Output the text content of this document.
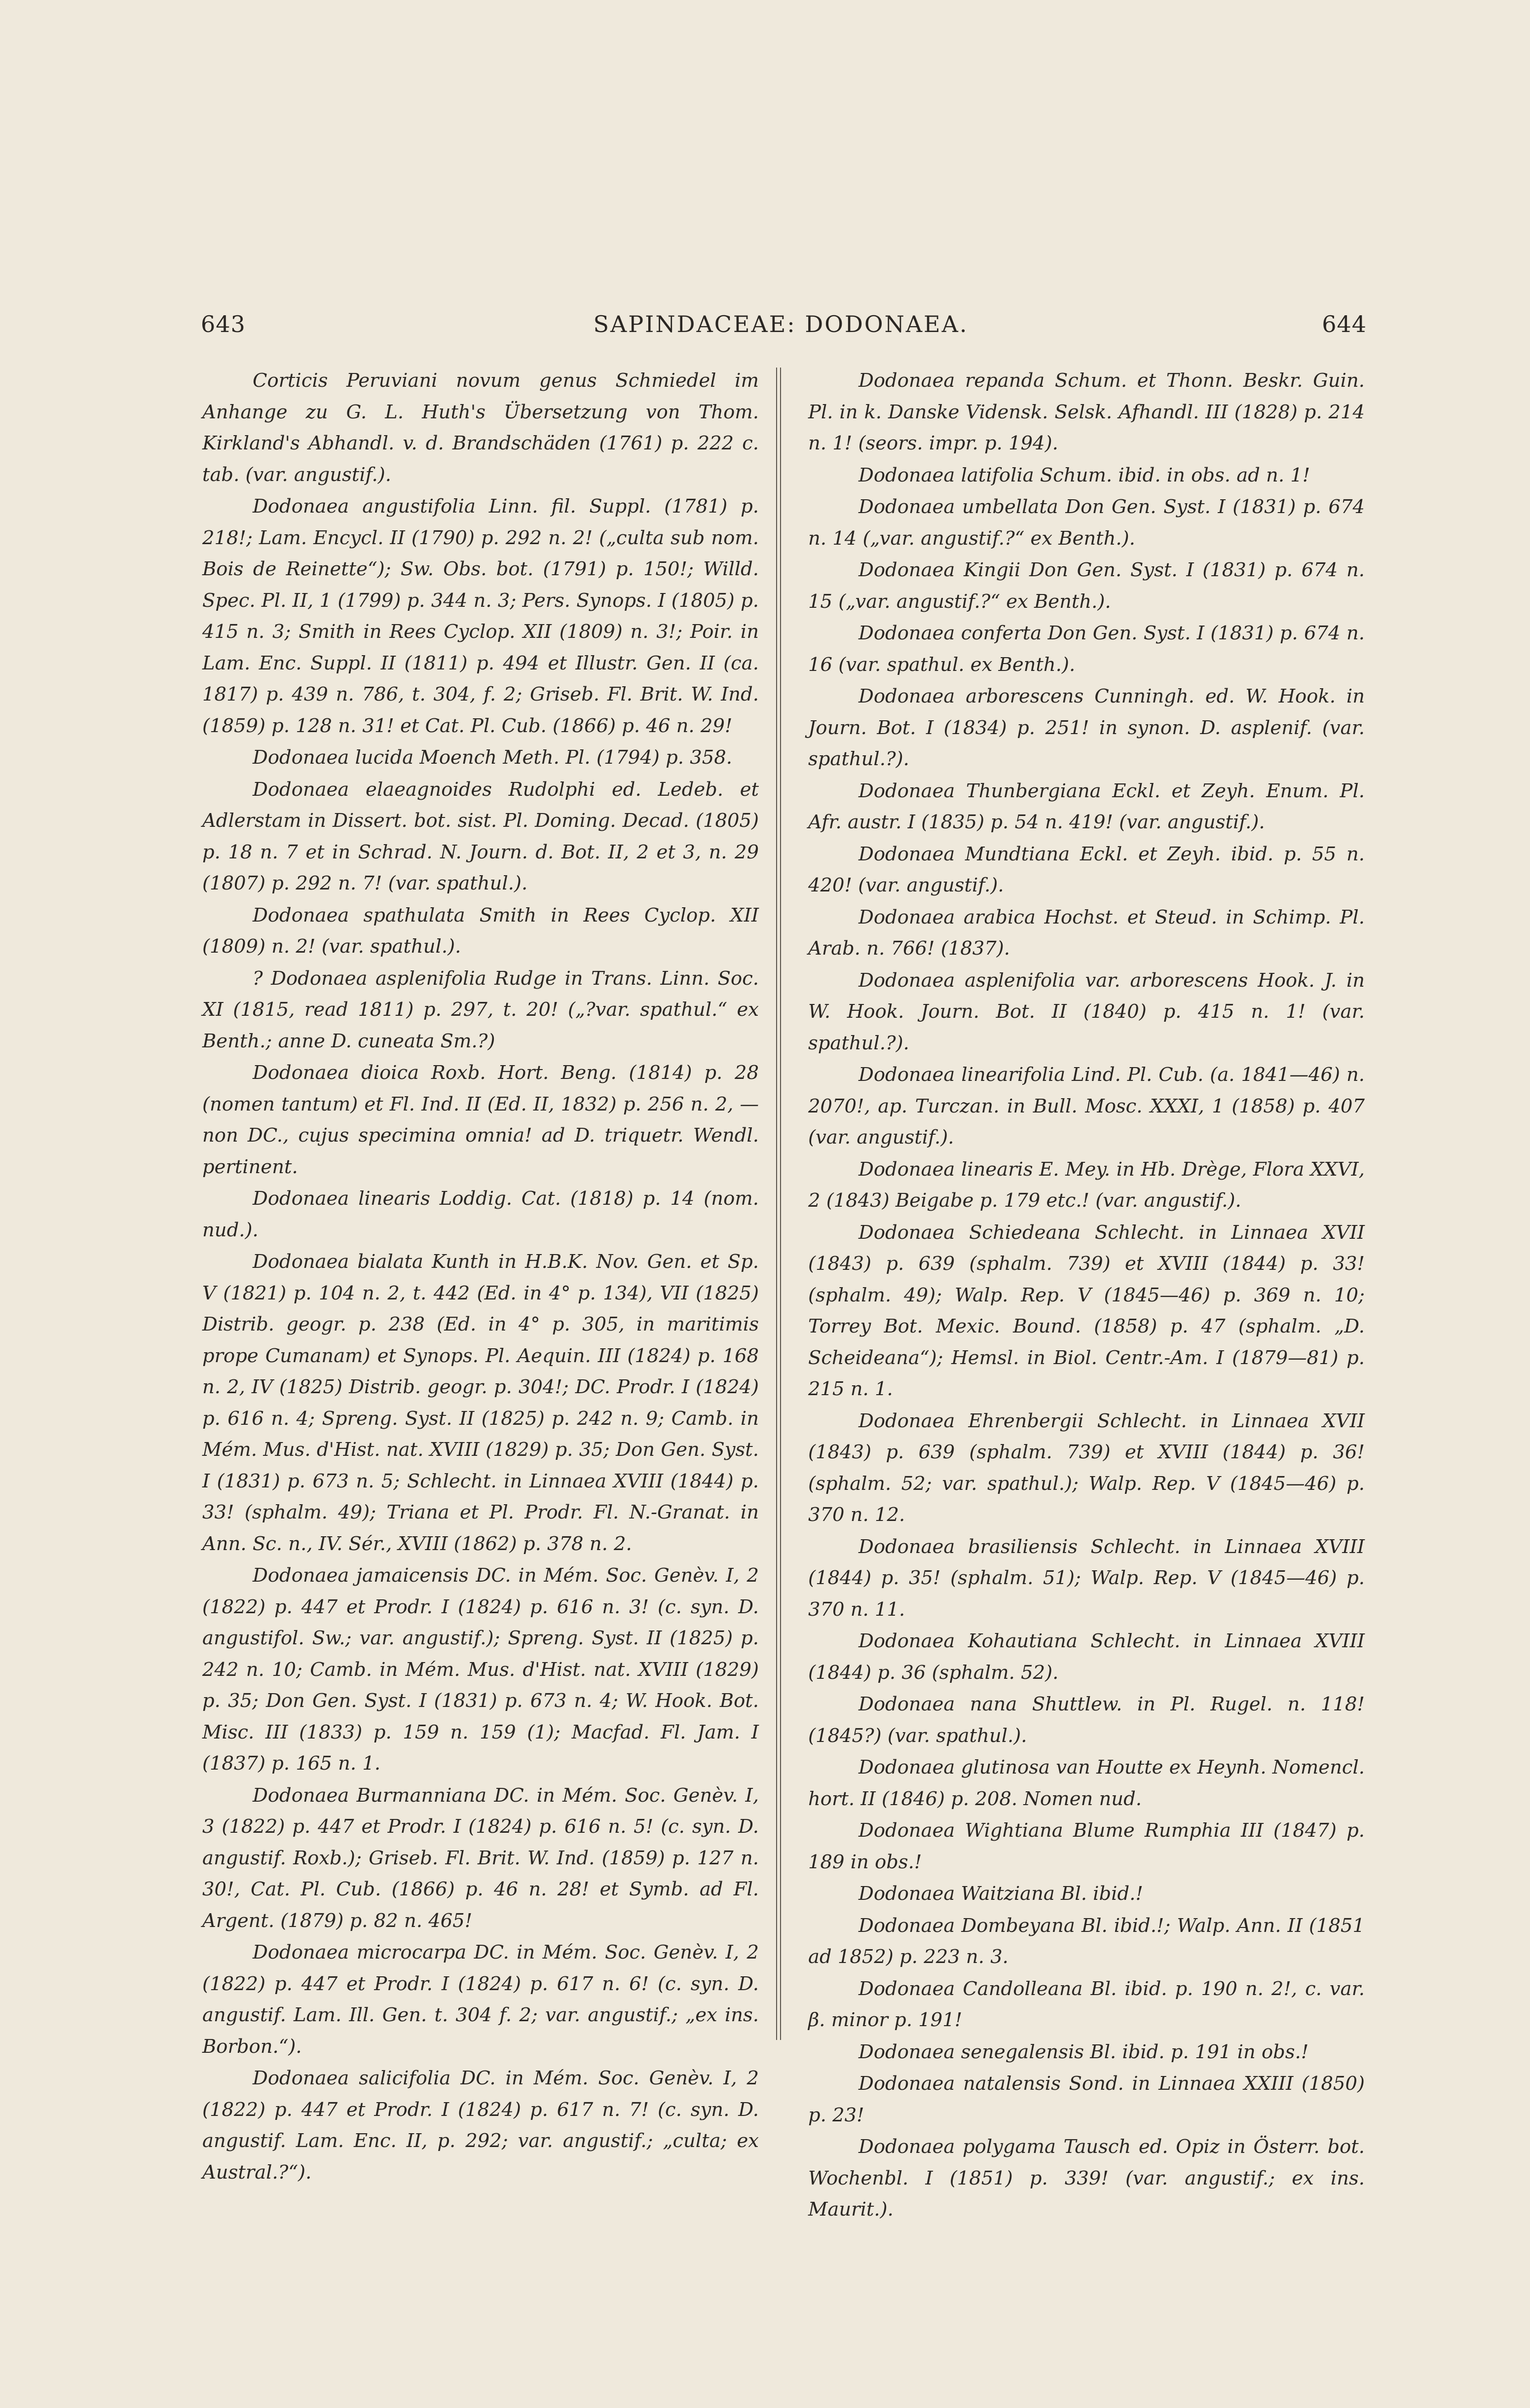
643	SAPINDACEAE: DODONAEA.	644

Corticis Peruviani novum genus Schmiedel im Anhange zu G. L. Huth's Übersetzung von Thom. Kirkland's Abhandl. v. d. Brandschäden (1761) p. 222 c. tab. (var. angustif.).

Dodonaea angustifolia Linn. fil. Suppl. (1781) p. 218!; Lam. Encycl. II (1790) p. 292 n. 2! („culta sub nom. Bois de Reinette“); Sw. Obs. bot. (1791) p. 150!; Willd. Spec. Pl. II, 1 (1799) p. 344 n. 3; Pers. Synops. I (1805) p. 415 n. 3; Smith in Rees Cyclop. XII (1809) n. 3!; Poir. in Lam. Enc. Suppl. II (1811) p. 494 et Illustr. Gen. II (ca. 1817) p. 439 n. 786, t. 304, f. 2; Griseb. Fl. Brit. W. Ind. (1859) p. 128 n. 31! et Cat. Pl. Cub. (1866) p. 46 n. 29!

Dodonaea lucida Moench Meth. Pl. (1794) p. 358.

Dodonaea elaeagnoides Rudolphi ed. Ledeb. et Adlerstam in Dissert. bot. sist. Pl. Doming. Decad. (1805) p. 18 n. 7 et in Schrad. N. Journ. d. Bot. II, 2 et 3, n. 29 (1807) p. 292 n. 7! (var. spathul.).

Dodonaea spathulata Smith in Rees Cyclop. XII (1809) n. 2! (var. spathul.).

? Dodonaea asplenifolia Rudge in Trans. Linn. Soc. XI (1815, read 1811) p. 297, t. 20! („?var. spathul.“ ex Benth.; anne D. cuneata Sm.?)

Dodonaea dioica Roxb. Hort. Beng. (1814) p. 28 (nomen tantum) et Fl. Ind. II (Ed. II, 1832) p. 256 n. 2, — non DC., cujus specimina omnia! ad D. triquetr. Wendl. pertinent.

Dodonaea linearis Loddig. Cat. (1818) p. 14 (nom. nud.).

Dodonaea bialata Kunth in H.B.K. Nov. Gen. et Sp. V (1821) p. 104 n. 2, t. 442 (Ed. in 4° p. 134), VII (1825) Distrib. geogr. p. 238 (Ed. in 4° p. 305, in maritimis prope Cumanam) et Synops. Pl. Aequin. III (1824) p. 168 n. 2, IV (1825) Distrib. geogr. p. 304!; DC. Prodr. I (1824) p. 616 n. 4; Spreng. Syst. II (1825) p. 242 n. 9; Camb. in Mém. Mus. d'Hist. nat. XVIII (1829) p. 35; Don Gen. Syst. I (1831) p. 673 n. 5; Schlecht. in Linnaea XVIII (1844) p. 33! (sphalm. 49); Triana et Pl. Prodr. Fl. N.-Granat. in Ann. Sc. n., IV. Sér., XVIII (1862) p. 378 n. 2.

Dodonaea jamaicensis DC. in Mém. Soc. Genèv. I, 2 (1822) p. 447 et Prodr. I (1824) p. 616 n. 3! (c. syn. D. angustifol. Sw.; var. angustif.); Spreng. Syst. II (1825) p. 242 n. 10; Camb. in Mém. Mus. d'Hist. nat. XVIII (1829) p. 35; Don Gen. Syst. I (1831) p. 673 n. 4; W. Hook. Bot. Misc. III (1833) p. 159 n. 159 (1); Macfad. Fl. Jam. I (1837) p. 165 n. 1.

Dodonaea Burmanniana DC. in Mém. Soc. Genèv. I, 3 (1822) p. 447 et Prodr. I (1824) p. 616 n. 5! (c. syn. D. angustif. Roxb.); Griseb. Fl. Brit. W. Ind. (1859) p. 127 n. 30!, Cat. Pl. Cub. (1866) p. 46 n. 28! et Symb. ad Fl. Argent. (1879) p. 82 n. 465!

Dodonaea microcarpa DC. in Mém. Soc. Genèv. I, 2 (1822) p. 447 et Prodr. I (1824) p. 617 n. 6! (c. syn. D. angustif. Lam. Ill. Gen. t. 304 f. 2; var. angustif.; „ex ins. Borbon.“).

Dodonaea salicifolia DC. in Mém. Soc. Genèv. I, 2 (1822) p. 447 et Prodr. I (1824) p. 617 n. 7! (c. syn. D. angustif. Lam. Enc. II, p. 292; var. angustif.; „culta; ex Austral.?“).

Dodonaea repanda Schum. et Thonn. Beskr. Guin. Pl. in k. Danske Vidensk. Selsk. Afhandl. III (1828) p. 214 n. 1! (seors. impr. p. 194).

Dodonaea latifolia Schum. ibid. in obs. ad n. 1!

Dodonaea umbellata Don Gen. Syst. I (1831) p. 674 n. 14 („var. angustif.?“ ex Benth.).

Dodonaea Kingii Don Gen. Syst. I (1831) p. 674 n. 15 („var. angustif.?“ ex Benth.).

Dodonaea conferta Don Gen. Syst. I (1831) p. 674 n. 16 (var. spathul. ex Benth.).

Dodonaea arborescens Cunningh. ed. W. Hook. in Journ. Bot. I (1834) p. 251! in synon. D. asplenif. (var. spathul.?).

Dodonaea Thunbergiana Eckl. et Zeyh. Enum. Pl. Afr. austr. I (1835) p. 54 n. 419! (var. angustif.).

Dodonaea Mundtiana Eckl. et Zeyh. ibid. p. 55 n. 420! (var. angustif.).

Dodonaea arabica Hochst. et Steud. in Schimp. Pl. Arab. n. 766! (1837).

Dodonaea asplenifolia var. arborescens Hook. J. in W. Hook. Journ. Bot. II (1840) p. 415 n. 1! (var. spathul.?).

Dodonaea linearifolia Lind. Pl. Cub. (a. 1841—46) n. 2070!, ap. Turczan. in Bull. Mosc. XXXI, 1 (1858) p. 407 (var. angustif.).

Dodonaea linearis E. Mey. in Hb. Drège, Flora XXVI, 2 (1843) Beigabe p. 179 etc.! (var. angustif.).

Dodonaea Schiedeana Schlecht. in Linnaea XVII (1843) p. 639 (sphalm. 739) et XVIII (1844) p. 33! (sphalm. 49); Walp. Rep. V (1845—46) p. 369 n. 10; Torrey Bot. Mexic. Bound. (1858) p. 47 (sphalm. „D. Scheideana“); Hemsl. in Biol. Centr.-Am. I (1879—81) p. 215 n. 1.

Dodonaea Ehrenbergii Schlecht. in Linnaea XVII (1843) p. 639 (sphalm. 739) et XVIII (1844) p. 36! (sphalm. 52; var. spathul.); Walp. Rep. V (1845—46) p. 370 n. 12.

Dodonaea brasiliensis Schlecht. in Linnaea XVIII (1844) p. 35! (sphalm. 51); Walp. Rep. V (1845—46) p. 370 n. 11.

Dodonaea Kohautiana Schlecht. in Linnaea XVIII (1844) p. 36 (sphalm. 52).

Dodonaea nana Shuttlew. in Pl. Rugel. n. 118! (1845?) (var. spathul.).

Dodonaea glutinosa van Houtte ex Heynh. Nomencl. hort. II (1846) p. 208. Nomen nud.

Dodonaea Wightiana Blume Rumphia III (1847) p. 189 in obs.!

Dodonaea Waitziana Bl. ibid.!

Dodonaea Dombeyana Bl. ibid.!; Walp. Ann. II (1851 ad 1852) p. 223 n. 3.

Dodonaea Candolleana Bl. ibid. p. 190 n. 2!, c. var. β. minor p. 191!

Dodonaea senegalensis Bl. ibid. p. 191 in obs.!

Dodonaea natalensis Sond. in Linnaea XXIII (1850) p. 23!

Dodonaea polygama Tausch ed. Opiz in Österr. bot. Wochenbl. I (1851) p. 339! (var. angustif.; ex ins. Maurit.).
